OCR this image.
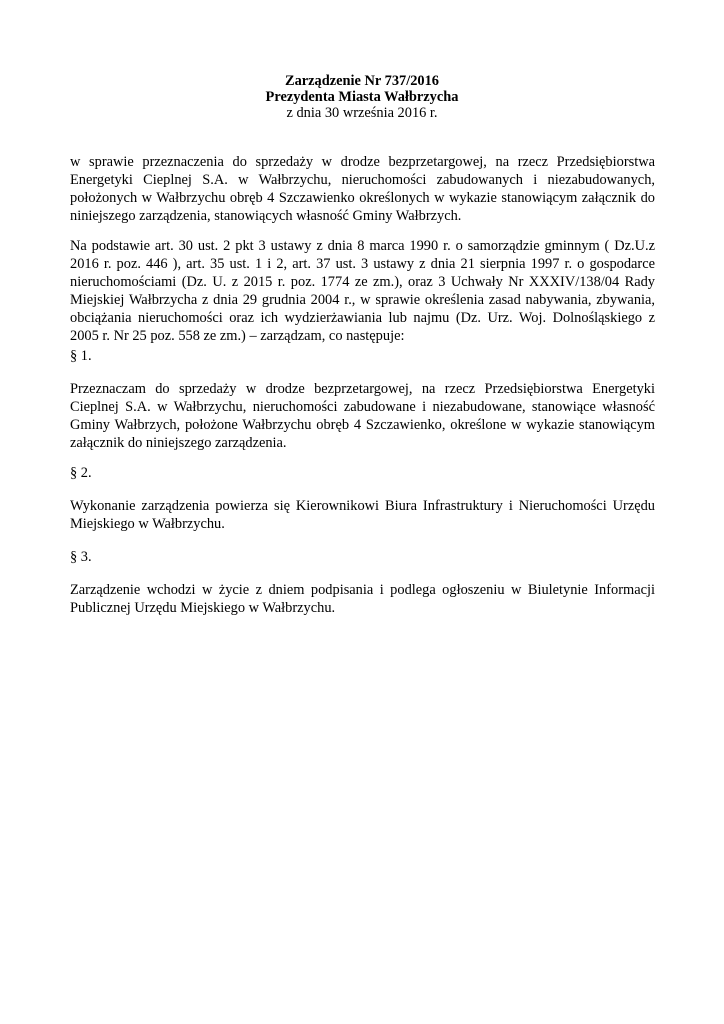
Zarządzenie Nr 737/2016
Prezydenta Miasta Wałbrzycha
z dnia 30 września 2016 r.

w sprawie przeznaczenia do sprzedaży w drodze bezprzetargowej, na rzecz Przedsiębiorstwa Energetyki Cieplnej S.A. w Wałbrzychu, nieruchomości zabudowanych i niezabudowanych, położonych w Wałbrzychu obręb 4 Szczawienko określonych w wykazie stanowiącym załącznik do niniejszego zarządzenia, stanowiących własność Gminy Wałbrzych.

Na podstawie art. 30 ust. 2 pkt 3 ustawy z dnia 8 marca 1990 r. o samorządzie gminnym ( Dz.U.z 2016 r. poz. 446 ), art. 35 ust. 1 i 2, art. 37 ust. 3 ustawy z dnia 21 sierpnia 1997 r. o gospodarce nieruchomościami (Dz. U. z 2015 r. poz. 1774 ze zm.), oraz 3 Uchwały Nr XXXIV/138/04 Rady Miejskiej Wałbrzycha z dnia 29 grudnia 2004 r., w sprawie określenia zasad nabywania, zbywania, obciążania nieruchomości oraz ich wydzierżawiania lub najmu (Dz. Urz. Woj. Dolnośląskiego z 2005 r. Nr 25 poz. 558 ze zm.) – zarządzam, co następuje:

§ 1.

Przeznaczam do sprzedaży w drodze bezprzetargowej, na rzecz Przedsiębiorstwa Energetyki Cieplnej S.A. w Wałbrzychu, nieruchomości zabudowane i niezabudowane, stanowiące własność Gminy Wałbrzych, położone Wałbrzychu obręb 4 Szczawienko, określone w wykazie stanowiącym załącznik do niniejszego zarządzenia.

§ 2.

Wykonanie zarządzenia powierza się Kierownikowi Biura Infrastruktury i Nieruchomości Urzędu Miejskiego w Wałbrzychu.

§ 3.

Zarządzenie wchodzi w życie z dniem podpisania i podlega ogłoszeniu w Biuletynie Informacji Publicznej Urzędu Miejskiego w Wałbrzychu.
